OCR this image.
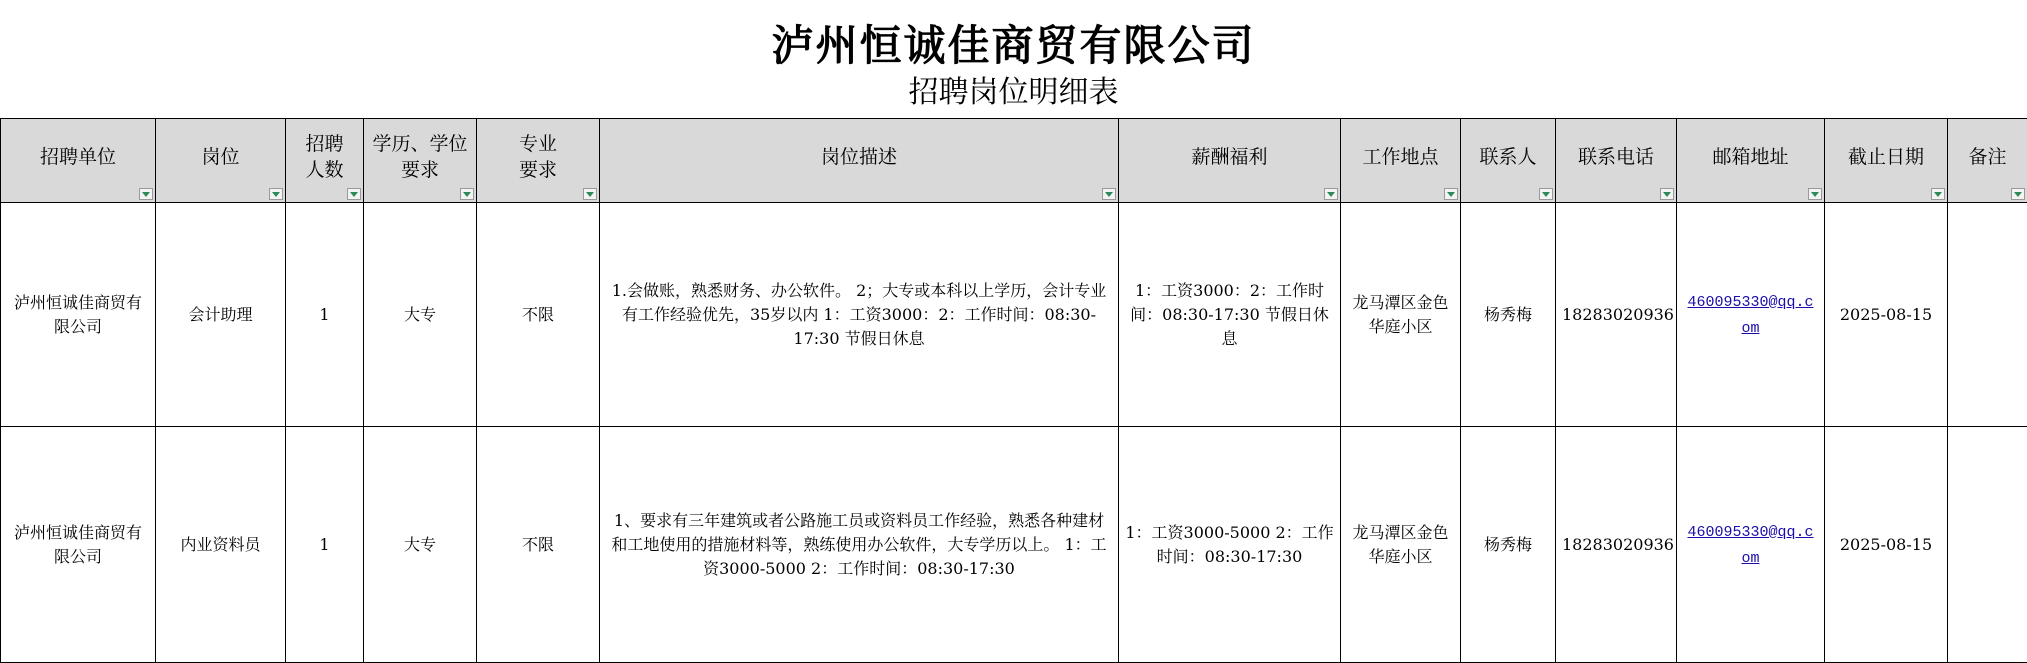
泸州恒诚佳商贸有限公司
招聘岗位明细表
招聘单位	岗位	招聘人数	学历、学位要求	专业要求	岗位描述	薪酬福利	工作地点	联系人	联系电话	邮箱地址	截止日期	备注

泸州恒诚佳商贸有限公司	会计助理	1	大专	不限	1.会做账，熟悉财务、办公软件。 2；大专或本科以上学历，会计专业有工作经验优先，35岁以内 1：工资3000：2：工作时间：08:30-17:30 节假日休息	1：工资3000：2：工作时间：08:30-17:30 节假日休息	龙马潭区金色华庭小区	杨秀梅	18283020936	460095330@qq.com	2025-08-15	
泸州恒诚佳商贸有限公司	内业资料员	1	大专	不限	1、要求有三年建筑或者公路施工员或资料员工作经验，熟悉各种建材和工地使用的措施材料等，熟练使用办公软件，大专学历以上。 1：工资3000-5000 2：工作时间：08:30-17:30	1：工资3000-5000 2：工作时间：08:30-17:30	龙马潭区金色华庭小区	杨秀梅	18283020936	460095330@qq.com	2025-08-15	
